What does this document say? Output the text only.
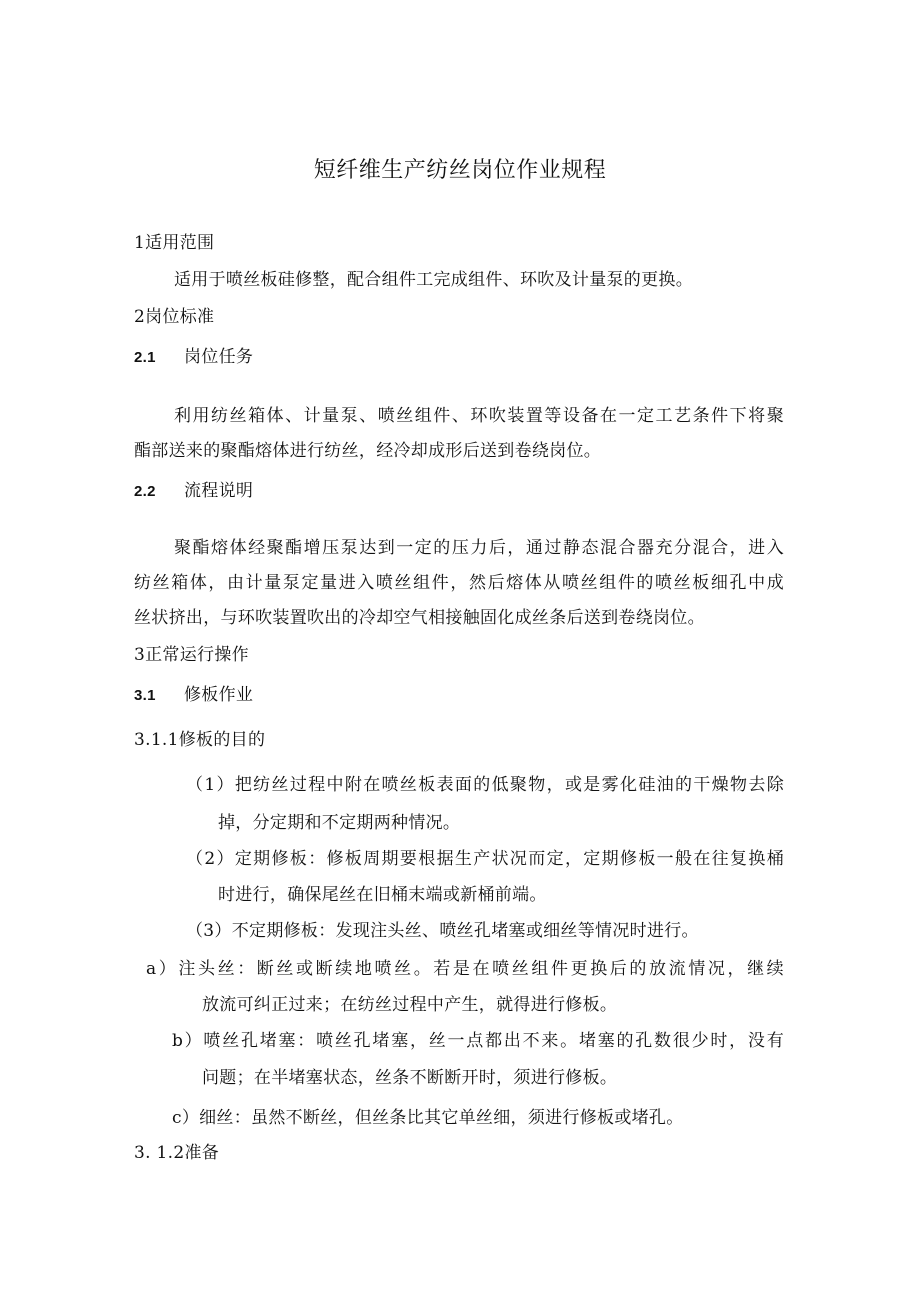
短纤维生产纺丝岗位作业规程
1适用范围
适用于喷丝板硅修整，配合组件工完成组件、环吹及计量泵的更换。
2岗位标准
2.1 岗位任务
利用纺丝箱体、计量泵、喷丝组件、环吹装置等设备在一定工艺条件下将聚
酯部送来的聚酯熔体进行纺丝，经冷却成形后送到卷绕岗位。
2.2 流程说明
聚酯熔体经聚酯增压泵达到一定的压力后，通过静态混合器充分混合，进入
纺丝箱体，由计量泵定量进入喷丝组件，然后熔体从喷丝组件的喷丝板细孔中成
丝状挤出，与环吹装置吹出的冷却空气相接触固化成丝条后送到卷绕岗位。
3正常运行操作
3.1 修板作业
3.1.1修板的目的
（1）把纺丝过程中附在喷丝板表面的低聚物，或是雾化硅油的干燥物去除
掉，分定期和不定期两种情况。
（2）定期修板：修板周期要根据生产状况而定，定期修板一般在往复换桶
时进行，确保尾丝在旧桶末端或新桶前端。
（3）不定期修板：发现注头丝、喷丝孔堵塞或细丝等情况时进行。
a）注头丝：断丝或断续地喷丝。若是在喷丝组件更换后的放流情况，继续
放流可纠正过来；在纺丝过程中产生，就得进行修板。
b）喷丝孔堵塞：喷丝孔堵塞，丝一点都出不来。堵塞的孔数很少时，没有
问题；在半堵塞状态，丝条不断断开时，须进行修板。
c）细丝：虽然不断丝，但丝条比其它单丝细，须进行修板或堵孔。
3. 1.2准备
